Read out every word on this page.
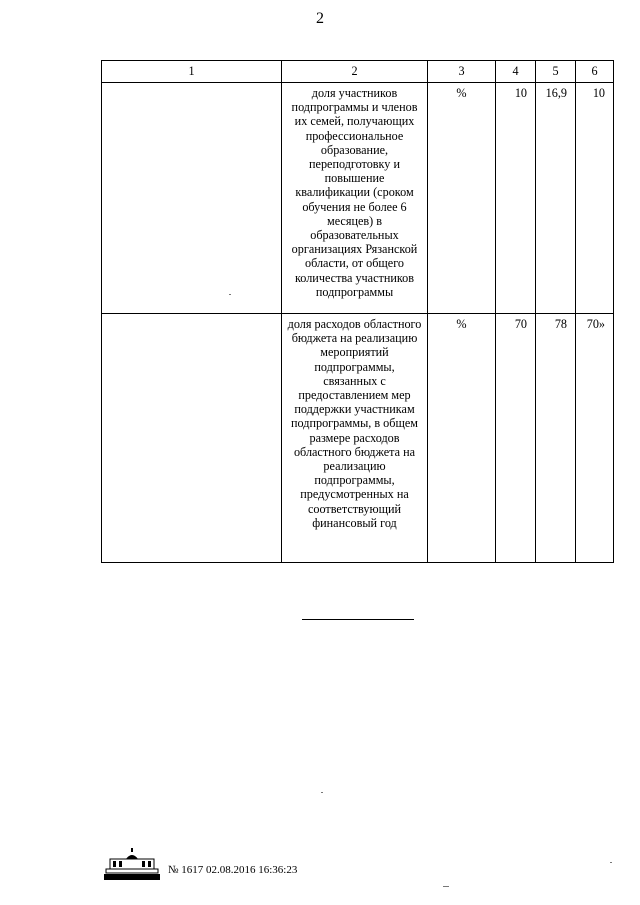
2
1	2	3	4	5	6
	доля участников подпрограммы и членов их семей, получающих профессиональное образование, переподготовку и повышение квалификации (сроком обучения не более 6 месяцев) в образовательных организациях Рязанской области, от общего количества участников подпрограммы	%	10	16,9	10
	доля расходов областного бюджета на реализацию мероприятий подпрограммы, связанных с предоставлением мер поддержки участникам подпрограммы, в общем размере расходов областного бюджета на реализацию подпрограммы, предусмотренных на соответствующий финансовый год	%	70	78	70»
№ 1617 02.08.2016 16:36:23
